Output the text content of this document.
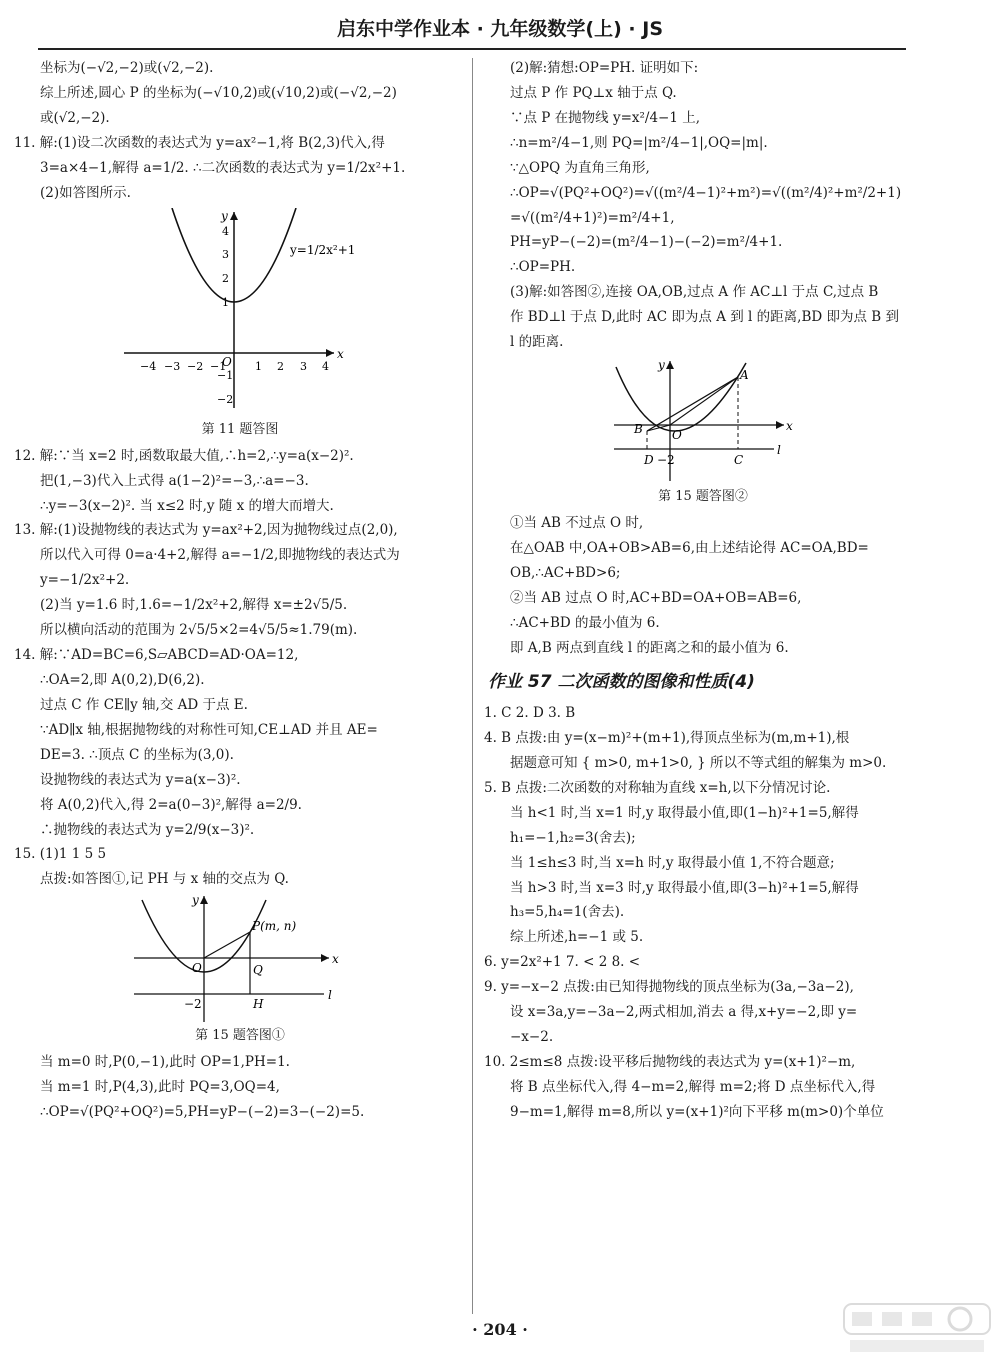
启东中学作业本 · 九年级数学(上) · JS

坐标为(−√2,−2)或(√2,−2).

综上所述,圆心 P 的坐标为(−√10,2)或(√10,2)或(−√2,−2)

或(√2,−2).

11. 解:(1)设二次函数的表达式为 y=ax²−1,将 B(2,3)代入,得

3=a×4−1,解得 a=1/2. ∴二次函数的表达式为 y=1/2x²+1.

(2)如答图所示.

y
x
O
−4 −3 −2 −1	1 2 3 4
4
3
2
1
−1
−2
y=1/2x²+1

第 11 题答图

12. 解:∵当 x=2 时,函数取最大值,∴h=2,∴y=a(x−2)².

把(1,−3)代入上式得 a(1−2)²=−3,∴a=−3.

∴y=−3(x−2)². 当 x≤2 时,y 随 x 的增大而增大.

13. 解:(1)设抛物线的表达式为 y=ax²+2,因为抛物线过点(2,0),

所以代入可得 0=a·4+2,解得 a=−1/2,即抛物线的表达式为

y=−1/2x²+2.

(2)当 y=1.6 时,1.6=−1/2x²+2,解得 x=±2√5/5.

所以横向活动的范围为 2√5/5×2=4√5/5≈1.79(m).

14. 解:∵AD=BC=6,S▱ABCD=AD·OA=12,

∴OA=2,即 A(0,2),D(6,2).

过点 C 作 CE∥y 轴,交 AD 于点 E.

∵AD∥x 轴,根据抛物线的对称性可知,CE⊥AD 并且 AE=

DE=3. ∴顶点 C 的坐标为(3,0).

设抛物线的表达式为 y=a(x−3)².

将 A(0,2)代入,得 2=a(0−3)²,解得 a=2/9.

∴抛物线的表达式为 y=2/9(x−3)².

15. (1)1 1 5 5

点拨:如答图①,记 PH 与 x 轴的交点为 Q.

y
x
l
O	Q
H
−2
P(m, n)

第 15 题答图①

当 m=0 时,P(0,−1),此时 OP=1,PH=1.

当 m=1 时,P(4,3),此时 PQ=3,OQ=4,

∴OP=√(PQ²+OQ²)=5,PH=yP−(−2)=3−(−2)=5.

(2)解:猜想:OP=PH. 证明如下:

过点 P 作 PQ⊥x 轴于点 Q.

∵点 P 在抛物线 y=x²/4−1 上,

∴n=m²/4−1,则 PQ=|m²/4−1|,OQ=|m|.

∵△OPQ 为直角三角形,

∴OP=√(PQ²+OQ²)=√((m²/4−1)²+m²)=√((m²/4)²+m²/2+1)

=√((m²/4+1)²)=m²/4+1,

PH=yP−(−2)=(m²/4−1)−(−2)=m²/4+1.

∴OP=PH.

(3)解:如答图②,连接 OA,OB,过点 A 作 AC⊥l 于点 C,过点 B

作 BD⊥l 于点 D,此时 AC 即为点 A 到 l 的距离,BD 即为点 B 到

l 的距离.

y
x
l
A
B O
D −2	C

第 15 题答图②

①当 AB 不过点 O 时,

在△OAB 中,OA+OB>AB=6,由上述结论得 AC=OA,BD=

OB,∴AC+BD>6;

②当 AB 过点 O 时,AC+BD=OA+OB=AB=6,

∴AC+BD 的最小值为 6.

即 A,B 两点到直线 l 的距离之和的最小值为 6.

作业 57 二次函数的图像和性质(4)

1. C 2. D 3. B

4. B 点拨:由 y=(x−m)²+(m+1),得顶点坐标为(m,m+1),根

据题意可知 { m>0, m+1>0, } 所以不等式组的解集为 m>0.

5. B 点拨:二次函数的对称轴为直线 x=h,以下分情况讨论.

当 h<1 时,当 x=1 时,y 取得最小值,即(1−h)²+1=5,解得

h₁=−1,h₂=3(舍去);

当 1≤h≤3 时,当 x=h 时,y 取得最小值 1,不符合题意;

当 h>3 时,当 x=3 时,y 取得最小值,即(3−h)²+1=5,解得

h₃=5,h₄=1(舍去).

综上所述,h=−1 或 5.

6. y=2x²+1 7. < 2 8. <

9. y=−x−2 点拨:由已知得抛物线的顶点坐标为(3a,−3a−2),

设 x=3a,y=−3a−2,两式相加,消去 a 得,x+y=−2,即 y=

−x−2.

10. 2≤m≤8 点拨:设平移后抛物线的表达式为 y=(x+1)²−m,

将 B 点坐标代入,得 4−m=2,解得 m=2;将 D 点坐标代入,得

9−m=1,解得 m=8,所以 y=(x+1)²向下平移 m(m>0)个单位

· 204 ·
